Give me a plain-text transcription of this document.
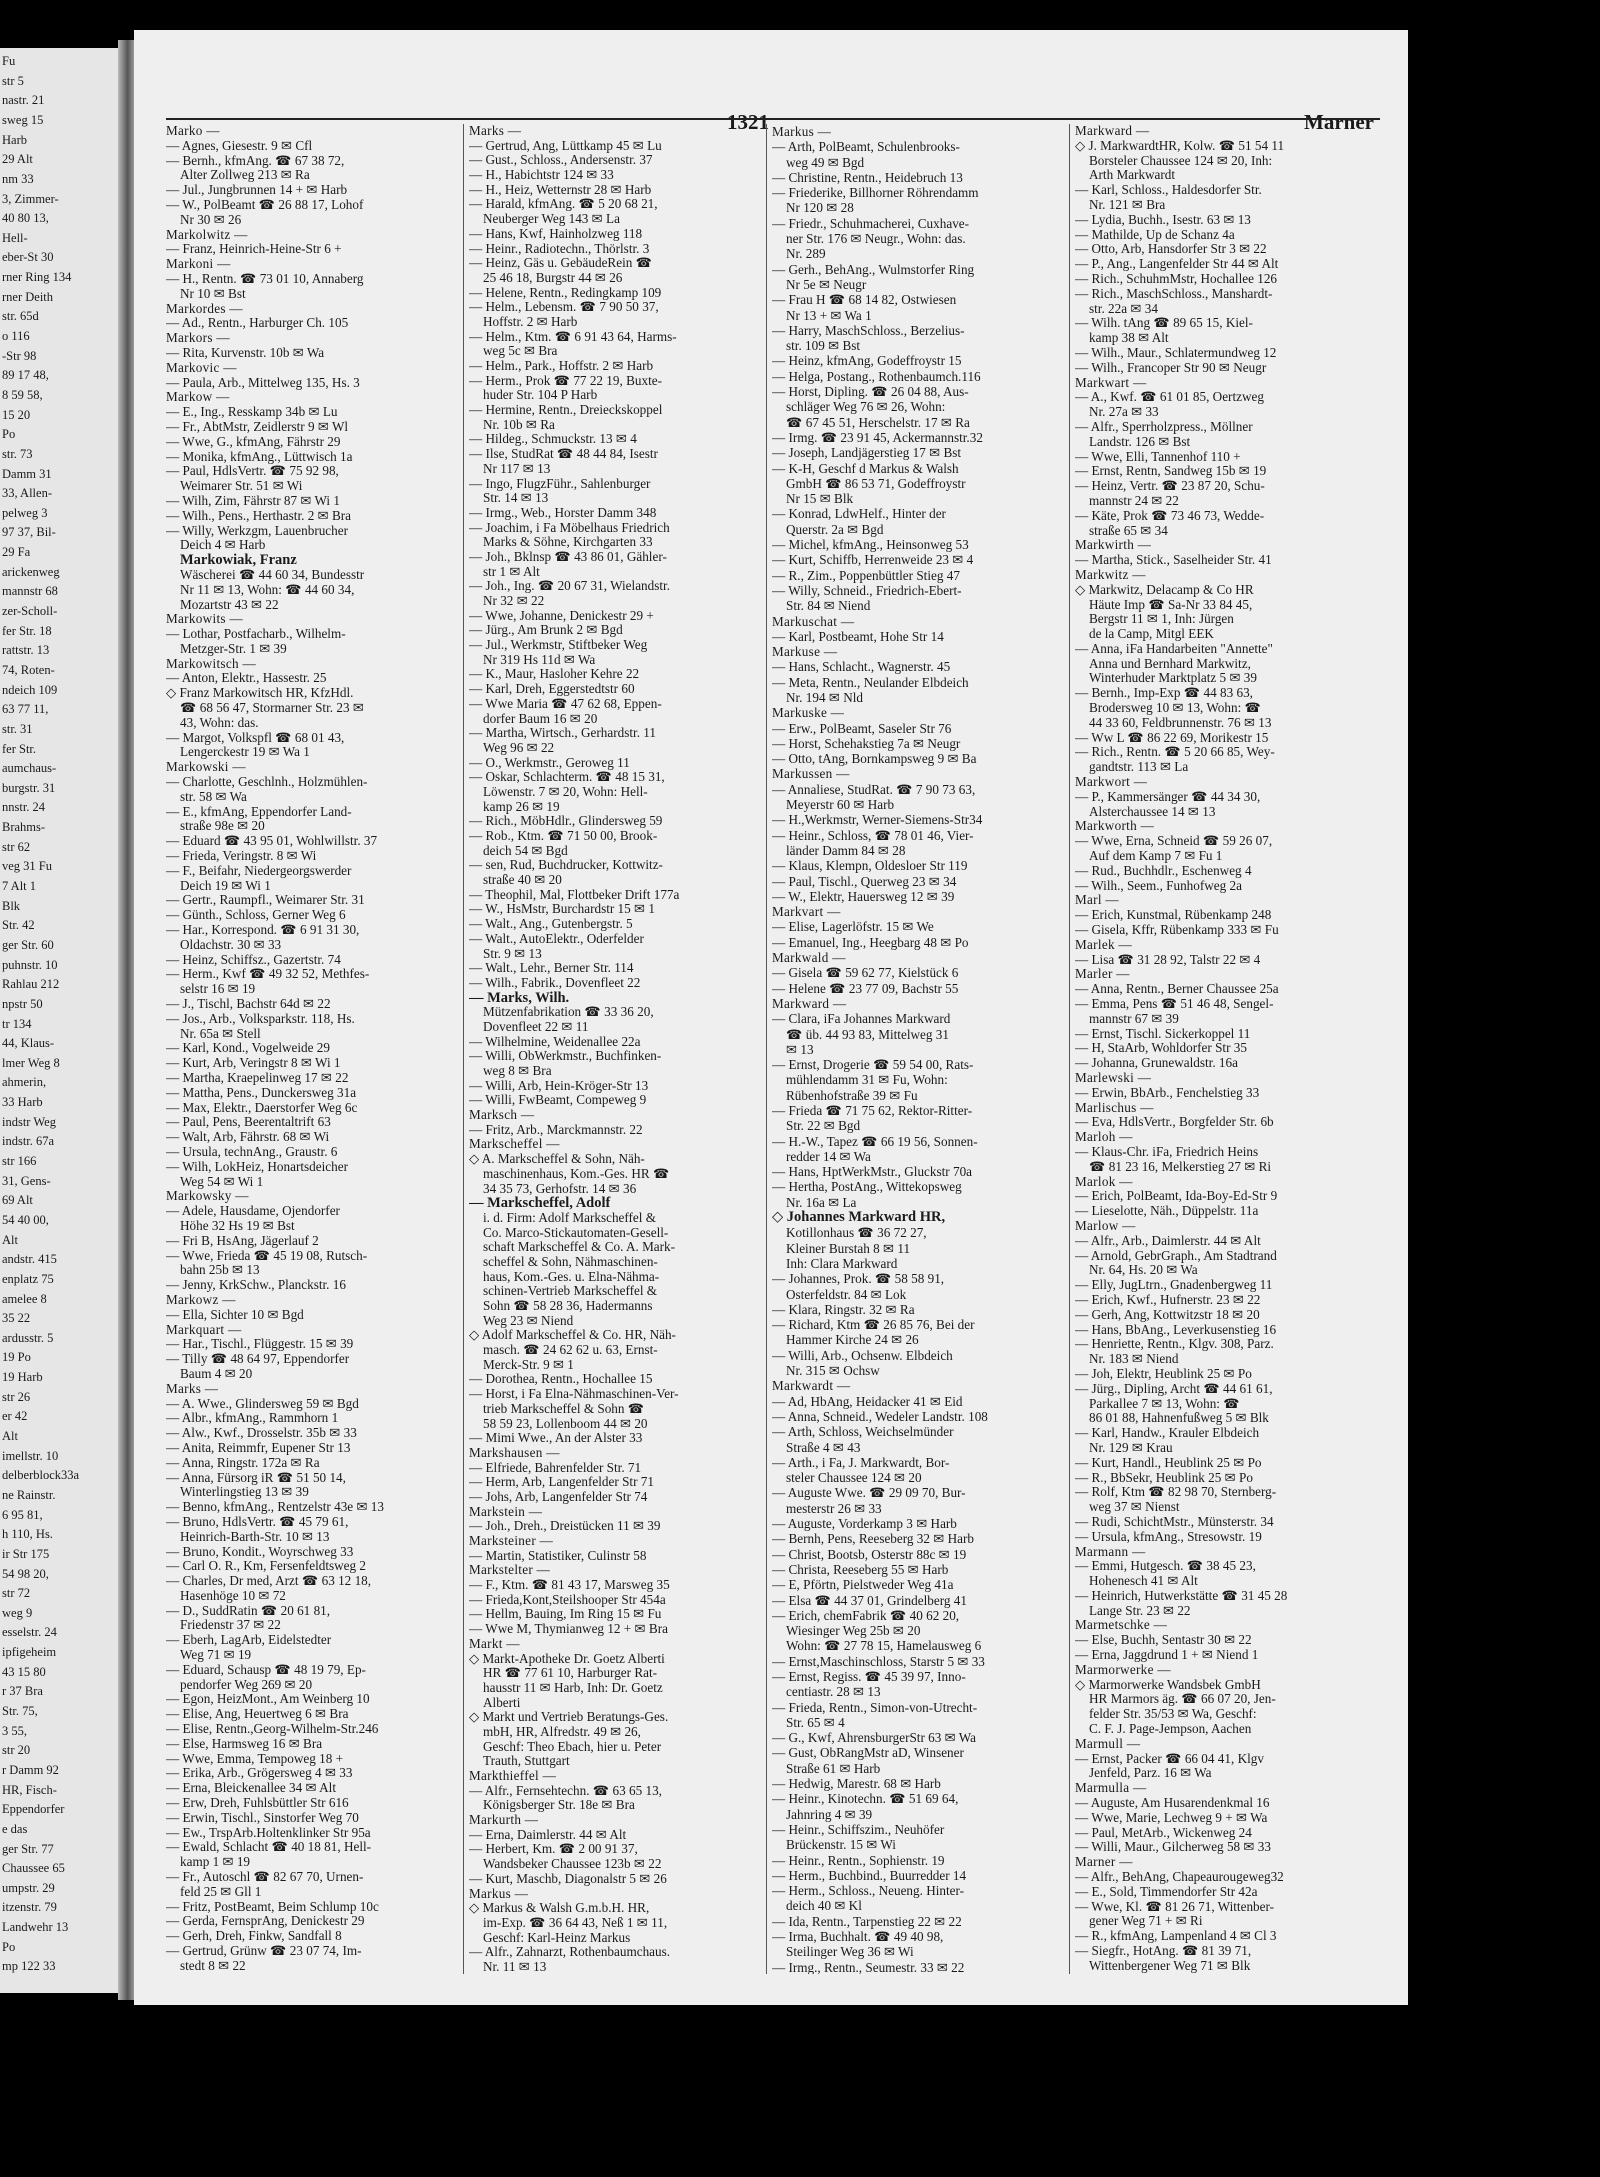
Fu
str 5
nastr. 21
sweg 15
Harb
29 Alt
nm 33
3, Zimmer-
40 80 13,
Hell-
eber-St 30
rner Ring 134
rner Deith
str. 65d
o 116
-Str 98
89 17 48,
8 59 58,
15 20
Po
str. 73
Damm 31
33, Allen-
pelweg 3
97 37, Bil-
29 Fa
arickenweg
mannstr 68
zer-Scholl-
fer Str. 18
rattstr. 13
74, Roten-
ndeich 109
63 77 11,
str. 31
fer Str.
aumchaus-
burgstr. 31
nnstr. 24
Brahms-
str 62
veg 31 Fu
7 Alt 1
Blk
Str. 42
ger Str. 60
puhnstr. 10
Rahlau 212
npstr 50
tr 134
44, Klaus-
lmer Weg 8
ahmerin,
33 Harb
indstr Weg
indstr. 67a
str 166
31, Gens-
69 Alt
54 40 00,
Alt
andstr. 415
enplatz 75
amelee 8
35 22
ardusstr. 5
19 Po
19 Harb
str 26
er 42
Alt
imellstr. 10
delberblock33a
ne Rainstr.
6 95 81,
h 110, Hs.
ir Str 175
54 98 20,
str 72
weg 9
esselstr. 24
ipfigeheim
43 15 80
r 37 Bra
Str. 75,
3 55,
str 20
r Damm 92
HR, Fisch-
Eppendorfer
e das
ger Str. 77
Chaussee 65
umpstr. 29
itzenstr. 79
Landwehr 13
Po
mp 122 33
1321	Marner
Marko —
— Agnes, Giesestr. 9 ✉ Cfl
— Bernh., kfmAng. ☎ 67 38 72,
Alter Zollweg 213 ✉ Ra
— Jul., Jungbrunnen 14 + ✉ Harb
— W., PolBeamt ☎ 26 88 17, Lohof
Nr 30 ✉ 26
Markolwitz —
— Franz, Heinrich-Heine-Str 6 +
Markoni —
— H., Rentn. ☎ 73 01 10, Annaberg
Nr 10 ✉ Bst
Markordes —
— Ad., Rentn., Harburger Ch. 105
Markors —
— Rita, Kurvenstr. 10b ✉ Wa
Markovic —
— Paula, Arb., Mittelweg 135, Hs. 3
Markow —
— E., Ing., Resskamp 34b ✉ Lu
— Fr., AbtMstr, Zeidlerstr 9 ✉ Wl
— Wwe, G., kfmAng, Fährstr 29
— Monika, kfmAng., Lüttwisch 1a
— Paul, HdlsVertr. ☎ 75 92 98,
Weimarer Str. 51 ✉ Wi
— Wilh, Zim, Fährstr 87 ✉ Wi 1
— Wilh., Pens., Herthastr. 2 ✉ Bra
— Willy, Werkzgm, Lauenbrucher
Deich 4 ✉ Harb
Markowiak, Franz
Wäscherei ☎ 44 60 34, Bundesstr
Nr 11 ✉ 13, Wohn: ☎ 44 60 34,
Mozartstr 43 ✉ 22
Markowits —
— Lothar, Postfacharb., Wilhelm-
Metzger-Str. 1 ✉ 39
Markowitsch —
— Anton, Elektr., Hassestr. 25
◇ Franz Markowitsch HR, KfzHdl.
☎ 68 56 47, Stormarner Str. 23 ✉
43, Wohn: das.
— Margot, Volkspfl ☎ 68 01 43,
Lengerckestr 19 ✉ Wa 1
Markowski —
— Charlotte, Geschlnh., Holzmühlen-
str. 58 ✉ Wa
— E., kfmAng, Eppendorfer Land-
straße 98e ✉ 20
— Eduard ☎ 43 95 01, Wohlwillstr. 37
— Frieda, Veringstr. 8 ✉ Wi
— F., Beifahr, Niedergeorgswerder
Deich 19 ✉ Wi 1
— Gertr., Raumpfl., Weimarer Str. 31
— Günth., Schloss, Gerner Weg 6
— Har., Korrespond. ☎ 6 91 31 30,
Oldachstr. 30 ✉ 33
— Heinz, Schiffsz., Gazertstr. 74
— Herm., Kwf ☎ 49 32 52, Methfes-
selstr 16 ✉ 19
— J., Tischl, Bachstr 64d ✉ 22
— Jos., Arb., Volksparkstr. 118, Hs.
Nr. 65a ✉ Stell
— Karl, Kond., Vogelweide 29
— Kurt, Arb, Veringstr 8 ✉ Wi 1
— Martha, Kraepelinweg 17 ✉ 22
— Mattha, Pens., Dunckersweg 31a
— Max, Elektr., Daerstorfer Weg 6c
— Paul, Pens, Beerentaltrift 63
— Walt, Arb, Fährstr. 68 ✉ Wi
— Ursula, technAng., Graustr. 6
— Wilh, LokHeiz, Honartsdeicher
Weg 54 ✉ Wi 1
Markowsky —
— Adele, Hausdame, Ojendorfer
Höhe 32 Hs 19 ✉ Bst
— Fri B, HsAng, Jägerlauf 2
— Wwe, Frieda ☎ 45 19 08, Rutsch-
bahn 25b ✉ 13
— Jenny, KrkSchw., Planckstr. 16
Markowz —
— Ella, Sichter 10 ✉ Bgd
Markquart —
— Har., Tischl., Flüggestr. 15 ✉ 39
— Tilly ☎ 48 64 97, Eppendorfer
Baum 4 ✉ 20
Marks —
— A. Wwe., Glindersweg 59 ✉ Bgd
— Albr., kfmAng., Rammhorn 1
— Alw., Kwf., Drosselstr. 35b ✉ 33
— Anita, Reimmfr, Eupener Str 13
— Anna, Ringstr. 172a ✉ Ra
— Anna, Fürsorg iR ☎ 51 50 14,
Winterlingstieg 13 ✉ 39
— Benno, kfmAng., Rentzelstr 43e ✉ 13
— Bruno, HdlsVertr. ☎ 45 79 61,
Heinrich-Barth-Str. 10 ✉ 13
— Bruno, Kondit., Woyrschweg 33
— Carl O. R., Km, Fersenfeldtsweg 2
— Charles, Dr med, Arzt ☎ 63 12 18,
Hasenhöge 10 ✉ 72
— D., SuddRatin ☎ 20 61 81,
Friedenstr 37 ✉ 22
— Eberh, LagArb, Eidelstedter
Weg 71 ✉ 19
— Eduard, Schausp ☎ 48 19 79, Ep-
pendorfer Weg 269 ✉ 20
— Egon, HeizMont., Am Weinberg 10
— Elise, Ang, Heuertweg 6 ✉ Bra
— Elise, Rentn.,Georg-Wilhelm-Str.246
— Else, Harmsweg 16 ✉ Bra
— Wwe, Emma, Tempoweg 18 +
— Erika, Arb., Grögersweg 4 ✉ 33
— Erna, Bleickenallee 34 ✉ Alt
— Erw, Dreh, Fuhlsbüttler Str 616
— Erwin, Tischl., Sinstorfer Weg 70
— Ew., TrspArb.Holtenklinker Str 95a
— Ewald, Schlacht ☎ 40 18 81, Hell-
kamp 1 ✉ 19
— Fr., Autoschl ☎ 82 67 70, Urnen-
feld 25 ✉ Gll 1
— Fritz, PostBeamt, Beim Schlump 10c
— Gerda, FernsprAng, Denickestr 29
— Gerh, Dreh, Finkw, Sandfall 8
— Gertrud, Grünw ☎ 23 07 74, Im-
stedt 8 ✉ 22
Marks —
— Gertrud, Ang, Lüttkamp 45 ✉ Lu
— Gust., Schloss., Andersenstr. 37
— H., Habichtstr 124 ✉ 33
— H., Heiz, Wetternstr 28 ✉ Harb
— Harald, kfmAng. ☎ 5 20 68 21,
Neuberger Weg 143 ✉ La
— Hans, Kwf, Hainholzweg 118
— Heinr., Radiotechn., Thörlstr. 3
— Heinz, Gäs u. GebäudeRein ☎
25 46 18, Burgstr 44 ✉ 26
— Helene, Rentn., Redingkamp 109
— Helm., Lebensm. ☎ 7 90 50 37,
Hoffstr. 2 ✉ Harb
— Helm., Ktm. ☎ 6 91 43 64, Harms-
weg 5c ✉ Bra
— Helm., Park., Hoffstr. 2 ✉ Harb
— Herm., Prok ☎ 77 22 19, Buxte-
huder Str. 104 P Harb
— Hermine, Rentn., Dreieckskoppel
Nr. 10b ✉ Ra
— Hildeg., Schmuckstr. 13 ✉ 4
— Ilse, StudRat ☎ 48 44 84, Isestr
Nr 117 ✉ 13
— Ingo, FlugzFühr., Sahlenburger
Str. 14 ✉ 13
— Irmg., Web., Horster Damm 348
— Joachim, i Fa Möbelhaus Friedrich
Marks & Söhne, Kirchgarten 33
— Joh., Bklnsp ☎ 43 86 01, Gähler-
str 1 ✉ Alt
— Joh., Ing. ☎ 20 67 31, Wielandstr.
Nr 32 ✉ 22
— Wwe, Johanne, Denickestr 29 +
— Jürg., Am Brunk 2 ✉ Bgd
— Jul., Werkmstr, Stiftbeker Weg
Nr 319 Hs 11d ✉ Wa
— K., Maur, Hasloher Kehre 22
— Karl, Dreh, Eggerstedtstr 60
— Wwe Maria ☎ 47 62 68, Eppen-
dorfer Baum 16 ✉ 20
— Martha, Wirtsch., Gerhardstr. 11
Weg 96 ✉ 22
— O., Werkmstr., Geroweg 11
— Oskar, Schlachterm. ☎ 48 15 31,
Löwenstr. 7 ✉ 20, Wohn: Hell-
kamp 26 ✉ 19
— Rich., MöbHdlr., Glindersweg 59
— Rob., Ktm. ☎ 71 50 00, Brook-
deich 54 ✉ Bgd
— sen, Rud, Buchdrucker, Kottwitz-
straße 40 ✉ 20
— Theophil, Mal, Flottbeker Drift 177a
— W., HsMstr, Burchardstr 15 ✉ 1
— Walt., Ang., Gutenbergstr. 5
— Walt., AutoElektr., Oderfelder
Str. 9 ✉ 13
— Walt., Lehr., Berner Str. 114
— Wilh., Fabrik., Dovenfleet 22
— Marks, Wilh.
Mützenfabrikation ☎ 33 36 20,
Dovenfleet 22 ✉ 11
— Wilhelmine, Weidenallee 22a
— Willi, ObWerkmstr., Buchfinken-
weg 8 ✉ Bra
— Willi, Arb, Hein-Kröger-Str 13
— Willi, FwBeamt, Compeweg 9
Marksch —
— Fritz, Arb., Marckmannstr. 22
Markscheffel —
◇ A. Markscheffel & Sohn, Näh-
maschinenhaus, Kom.-Ges. HR ☎
34 35 73, Gerhofstr. 14 ✉ 36
— Markscheffel, Adolf
i. d. Firm: Adolf Markscheffel &
Co. Marco-Stickautomaten-Gesell-
schaft Markscheffel & Co. A. Mark-
scheffel & Sohn, Nähmaschinen-
haus, Kom.-Ges. u. Elna-Nähma-
schinen-Vertrieb Markscheffel &
Sohn ☎ 58 28 36, Hadermanns
Weg 23 ✉ Niend
◇ Adolf Markscheffel & Co. HR, Näh-
masch. ☎ 24 62 62 u. 63, Ernst-
Merck-Str. 9 ✉ 1
— Dorothea, Rentn., Hochallee 15
— Horst, i Fa Elna-Nähmaschinen-Ver-
trieb Markscheffel & Sohn ☎
58 59 23, Lollenboom 44 ✉ 20
— Mimi Wwe., An der Alster 33
Markshausen —
— Elfriede, Bahrenfelder Str. 71
— Herm, Arb, Langenfelder Str 71
— Johs, Arb, Langenfelder Str 74
Markstein —
— Joh., Dreh., Dreistücken 11 ✉ 39
Marksteiner —
— Martin, Statistiker, Culinstr 58
Markstelter —
— F., Ktm. ☎ 81 43 17, Marsweg 35
— Frieda,Kont,Steilshooper Str 454a
— Hellm, Bauing, Im Ring 15 ✉ Fu
— Wwe M, Thymianweg 12 + ✉ Bra
Markt —
◇ Markt-Apotheke Dr. Goetz Alberti
HR ☎ 77 61 10, Harburger Rat-
hausstr 11 ✉ Harb, Inh: Dr. Goetz
Alberti
◇ Markt und Vertrieb Beratungs-Ges.
mbH, HR, Alfredstr. 49 ✉ 26,
Geschf: Theo Ebach, hier u. Peter
Trauth, Stuttgart
Markthieffel —
— Alfr., Fernsehtechn. ☎ 63 65 13,
Königsberger Str. 18e ✉ Bra
Markurth —
— Erna, Daimlerstr. 44 ✉ Alt
— Herbert, Km. ☎ 2 00 91 37,
Wandsbeker Chaussee 123b ✉ 22
— Kurt, Maschb, Diagonalstr 5 ✉ 26
Markus —
◇ Markus & Walsh G.m.b.H. HR,
im-Exp. ☎ 36 64 43, Neß 1 ✉ 11,
Geschf: Karl-Heinz Markus
— Alfr., Zahnarzt, Rothenbaumchaus.
Nr. 11 ✉ 13
Markus —
— Arth, PolBeamt, Schulenbrooks-
weg 49 ✉ Bgd
— Christine, Rentn., Heidebruch 13
— Friederike, Billhorner Röhrendamm
Nr 120 ✉ 28
— Friedr., Schuhmacherei, Cuxhave-
ner Str. 176 ✉ Neugr., Wohn: das.
Nr. 289
— Gerh., BehAng., Wulmstorfer Ring
Nr 5e ✉ Neugr
— Frau H ☎ 68 14 82, Ostwiesen
Nr 13 + ✉ Wa 1
— Harry, MaschSchloss., Berzelius-
str. 109 ✉ Bst
— Heinz, kfmAng, Godeffroystr 15
— Helga, Postang., Rothenbaumch.116
— Horst, Dipling. ☎ 26 04 88, Aus-
schläger Weg 76 ✉ 26, Wohn:
☎ 67 45 51, Herschelstr. 17 ✉ Ra
— Irmg. ☎ 23 91 45, Ackermannstr.32
— Joseph, Landjägerstieg 17 ✉ Bst
— K-H, Geschf d Markus & Walsh
GmbH ☎ 86 53 71, Godeffroystr
Nr 15 ✉ Blk
— Konrad, LdwHelf., Hinter der
Querstr. 2a ✉ Bgd
— Michel, kfmAng., Heinsonweg 53
— Kurt, Schiffb, Herrenweide 23 ✉ 4
— R., Zim., Poppenbüttler Stieg 47
— Willy, Schneid., Friedrich-Ebert-
Str. 84 ✉ Niend
Markuschat —
— Karl, Postbeamt, Hohe Str 14
Markuse —
— Hans, Schlacht., Wagnerstr. 45
— Meta, Rentn., Neulander Elbdeich
Nr. 194 ✉ Nld
Markuske —
— Erw., PolBeamt, Saseler Str 76
— Horst, Schehakstieg 7a ✉ Neugr
— Otto, tAng, Bornkampsweg 9 ✉ Ba
Markussen —
— Annaliese, StudRat. ☎ 7 90 73 63,
Meyerstr 60 ✉ Harb
— H.,Werkmstr, Werner-Siemens-Str34
— Heinr., Schloss, ☎ 78 01 46, Vier-
länder Damm 84 ✉ 28
— Klaus, Klempn, Oldesloer Str 119
— Paul, Tischl., Querweg 23 ✉ 34
— W., Elektr, Hauersweg 12 ✉ 39
Markvart —
— Elise, Lagerlöfstr. 15 ✉ We
— Emanuel, Ing., Heegbarg 48 ✉ Po
Markwald —
— Gisela ☎ 59 62 77, Kielstück 6
— Helene ☎ 23 77 09, Bachstr 55
Markward —
— Clara, iFa Johannes Markward
☎ üb. 44 93 83, Mittelweg 31
✉ 13
— Ernst, Drogerie ☎ 59 54 00, Rats-
mühlendamm 31 ✉ Fu, Wohn:
Rübenhofstraße 39 ✉ Fu
— Frieda ☎ 71 75 62, Rektor-Ritter-
Str. 22 ✉ Bgd
— H.-W., Tapez ☎ 66 19 56, Sonnen-
redder 14 ✉ Wa
— Hans, HptWerkMstr., Gluckstr 70a
— Hertha, PostAng., Wittekopsweg
Nr. 16a ✉ La
◇ Johannes Markward HR,
Kotillonhaus ☎ 36 72 27,
Kleiner Burstah 8 ✉ 11
Inh: Clara Markward
— Johannes, Prok. ☎ 58 58 91,
Osterfeldstr. 84 ✉ Lok
— Klara, Ringstr. 32 ✉ Ra
— Richard, Ktm ☎ 26 85 76, Bei der
Hammer Kirche 24 ✉ 26
— Willi, Arb., Ochsenw. Elbdeich
Nr. 315 ✉ Ochsw
Markwardt —
— Ad, HbAng, Heidacker 41 ✉ Eid
— Anna, Schneid., Wedeler Landstr. 108
— Arth, Schloss, Weichselmünder
Straße 4 ✉ 43
— Arth., i Fa, J. Markwardt, Bor-
steler Chaussee 124 ✉ 20
— Auguste Wwe. ☎ 29 09 70, Bur-
mesterstr 26 ✉ 33
— Auguste, Vorderkamp 3 ✉ Harb
— Bernh, Pens, Reeseberg 32 ✉ Harb
— Christ, Bootsb, Osterstr 88c ✉ 19
— Christa, Reeseberg 55 ✉ Harb
— E, Pförtn, Pielstweder Weg 41a
— Elsa ☎ 44 37 01, Grindelberg 41
— Erich, chemFabrik ☎ 40 62 20,
Wiesinger Weg 25b ✉ 20
Wohn: ☎ 27 78 15, Hamelausweg 6
— Ernst,Maschinschloss, Starstr 5 ✉ 33
— Ernst, Regiss. ☎ 45 39 97, Inno-
centiastr. 28 ✉ 13
— Frieda, Rentn., Simon-von-Utrecht-
Str. 65 ✉ 4
— G., Kwf, AhrensburgerStr 63 ✉ Wa
— Gust, ObRangMstr aD, Winsener
Straße 61 ✉ Harb
— Hedwig, Marestr. 68 ✉ Harb
— Heinr., Kinotechn. ☎ 51 69 64,
Jahnring 4 ✉ 39
— Heinr., Schiffszim., Neuhöfer
Brückenstr. 15 ✉ Wi
— Heinr., Rentn., Sophienstr. 19
— Herm., Buchbind., Buurredder 14
— Herm., Schloss., Neueng. Hinter-
deich 40 ✉ Kl
— Ida, Rentn., Tarpenstieg 22 ✉ 22
— Irma, Buchhalt. ☎ 49 40 98,
Steilinger Weg 36 ✉ Wi
— Irmg., Rentn., Seumestr. 33 ✉ 22
Markward —
◇ J. MarkwardtHR, Kolw. ☎ 51 54 11
Borsteler Chaussee 124 ✉ 20, Inh:
Arth Markwardt
— Karl, Schloss., Haldesdorfer Str.
Nr. 121 ✉ Bra
— Lydia, Buchh., Isestr. 63 ✉ 13
— Mathilde, Up de Schanz 4a
— Otto, Arb, Hansdorfer Str 3 ✉ 22
— P., Ang., Langenfelder Str 44 ✉ Alt
— Rich., SchuhmMstr, Hochallee 126
— Rich., MaschSchloss., Manshardt-
str. 22a ✉ 34
— Wilh. tAng ☎ 89 65 15, Kiel-
kamp 38 ✉ Alt
— Wilh., Maur., Schlatermundweg 12
— Wilh., Francoper Str 90 ✉ Neugr
Markwart —
— A., Kwf. ☎ 61 01 85, Oertzweg
Nr. 27a ✉ 33
— Alfr., Sperrholzpress., Möllner
Landstr. 126 ✉ Bst
— Wwe, Elli, Tannenhof 110 +
— Ernst, Rentn, Sandweg 15b ✉ 19
— Heinz, Vertr. ☎ 23 87 20, Schu-
mannstr 24 ✉ 22
— Käte, Prok ☎ 73 46 73, Wedde-
straße 65 ✉ 34
Markwirth —
— Martha, Stick., Saselheider Str. 41
Markwitz —
◇ Markwitz, Delacamp & Co HR
Häute Imp ☎ Sa-Nr 33 84 45,
Bergstr 11 ✉ 1, Inh: Jürgen
de la Camp, Mitgl EEK
— Anna, iFa Handarbeiten "Annette"
Anna und Bernhard Markwitz,
Winterhuder Marktplatz 5 ✉ 39
— Bernh., Imp-Exp ☎ 44 83 63,
Brodersweg 10 ✉ 13, Wohn: ☎
44 33 60, Feldbrunnenstr. 76 ✉ 13
— Ww L ☎ 86 22 69, Morikestr 15
— Rich., Rentn. ☎ 5 20 66 85, Wey-
gandtstr. 113 ✉ La
Markwort —
— P., Kammersänger ☎ 44 34 30,
Alsterchaussee 14 ✉ 13
Markworth —
— Wwe, Erna, Schneid ☎ 59 26 07,
Auf dem Kamp 7 ✉ Fu 1
— Rud., Buchhdlr., Eschenweg 4
— Wilh., Seem., Funhofweg 2a
Marl —
— Erich, Kunstmal, Rübenkamp 248
— Gisela, Kffr, Rübenkamp 333 ✉ Fu
Marlek —
— Lisa ☎ 31 28 92, Talstr 22 ✉ 4
Marler —
— Anna, Rentn., Berner Chaussee 25a
— Emma, Pens ☎ 51 46 48, Sengel-
mannstr 67 ✉ 39
— Ernst, Tischl. Sickerkoppel 11
— H, StaArb, Wohldorfer Str 35
— Johanna, Grunewaldstr. 16a
Marlewski —
— Erwin, BbArb., Fenchelstieg 33
Marlischus —
— Eva, HdlsVertr., Borgfelder Str. 6b
Marloh —
— Klaus-Chr. iFa, Friedrich Heins
☎ 81 23 16, Melkerstieg 27 ✉ Ri
Marlok —
— Erich, PolBeamt, Ida-Boy-Ed-Str 9
— Lieselotte, Näh., Düppelstr. 11a
Marlow —
— Alfr., Arb., Daimlerstr. 44 ✉ Alt
— Arnold, GebrGraph., Am Stadtrand
Nr. 64, Hs. 20 ✉ Wa
— Elly, JugLtrn., Gnadenbergweg 11
— Erich, Kwf., Hufnerstr. 23 ✉ 22
— Gerh, Ang, Kottwitzstr 18 ✉ 20
— Hans, BbAng., Leverkusenstieg 16
— Henriette, Rentn., Klgv. 308, Parz.
Nr. 183 ✉ Niend
— Joh, Elektr, Heublink 25 ✉ Po
— Jürg., Dipling, Archt ☎ 44 61 61,
Parkallee 7 ✉ 13, Wohn: ☎
86 01 88, Hahnenfußweg 5 ✉ Blk
— Karl, Handw., Krauler Elbdeich
Nr. 129 ✉ Krau
— Kurt, Handl., Heublink 25 ✉ Po
— R., BbSekr, Heublink 25 ✉ Po
— Rolf, Ktm ☎ 82 98 70, Sternberg-
weg 37 ✉ Nienst
— Rudi, SchichtMstr., Münsterstr. 34
— Ursula, kfmAng., Stresowstr. 19
Marmann —
— Emmi, Hutgesch. ☎ 38 45 23,
Hohenesch 41 ✉ Alt
— Heinrich, Hutwerkstätte ☎ 31 45 28
Lange Str. 23 ✉ 22
Marmetschke —
— Else, Buchh, Sentastr 30 ✉ 22
— Erna, Jaggdrund 1 + ✉ Niend 1
Marmorwerke —
◇ Marmorwerke Wandsbek GmbH
HR Marmors äg. ☎ 66 07 20, Jen-
felder Str. 35/53 ✉ Wa, Geschf:
C. F. J. Page-Jempson, Aachen
Marmull —
— Ernst, Packer ☎ 66 04 41, Klgv
Jenfeld, Parz. 16 ✉ Wa
Marmulla —
— Auguste, Am Husarendenkmal 16
— Wwe, Marie, Lechweg 9 + ✉ Wa
— Paul, MetArb., Wickenweg 24
— Willi, Maur., Gilcherweg 58 ✉ 33
Marner —
— Alfr., BehAng, Chapeaurougeweg32
— E., Sold, Timmendorfer Str 42a
— Wwe, Kl. ☎ 81 26 71, Wittenber-
gener Weg 71 + ✉ Ri
— R., kfmAng, Lampenland 4 ✉ Cl 3
— Siegfr., HotAng. ☎ 81 39 71,
Wittenbergener Weg 71 ✉ Blk
